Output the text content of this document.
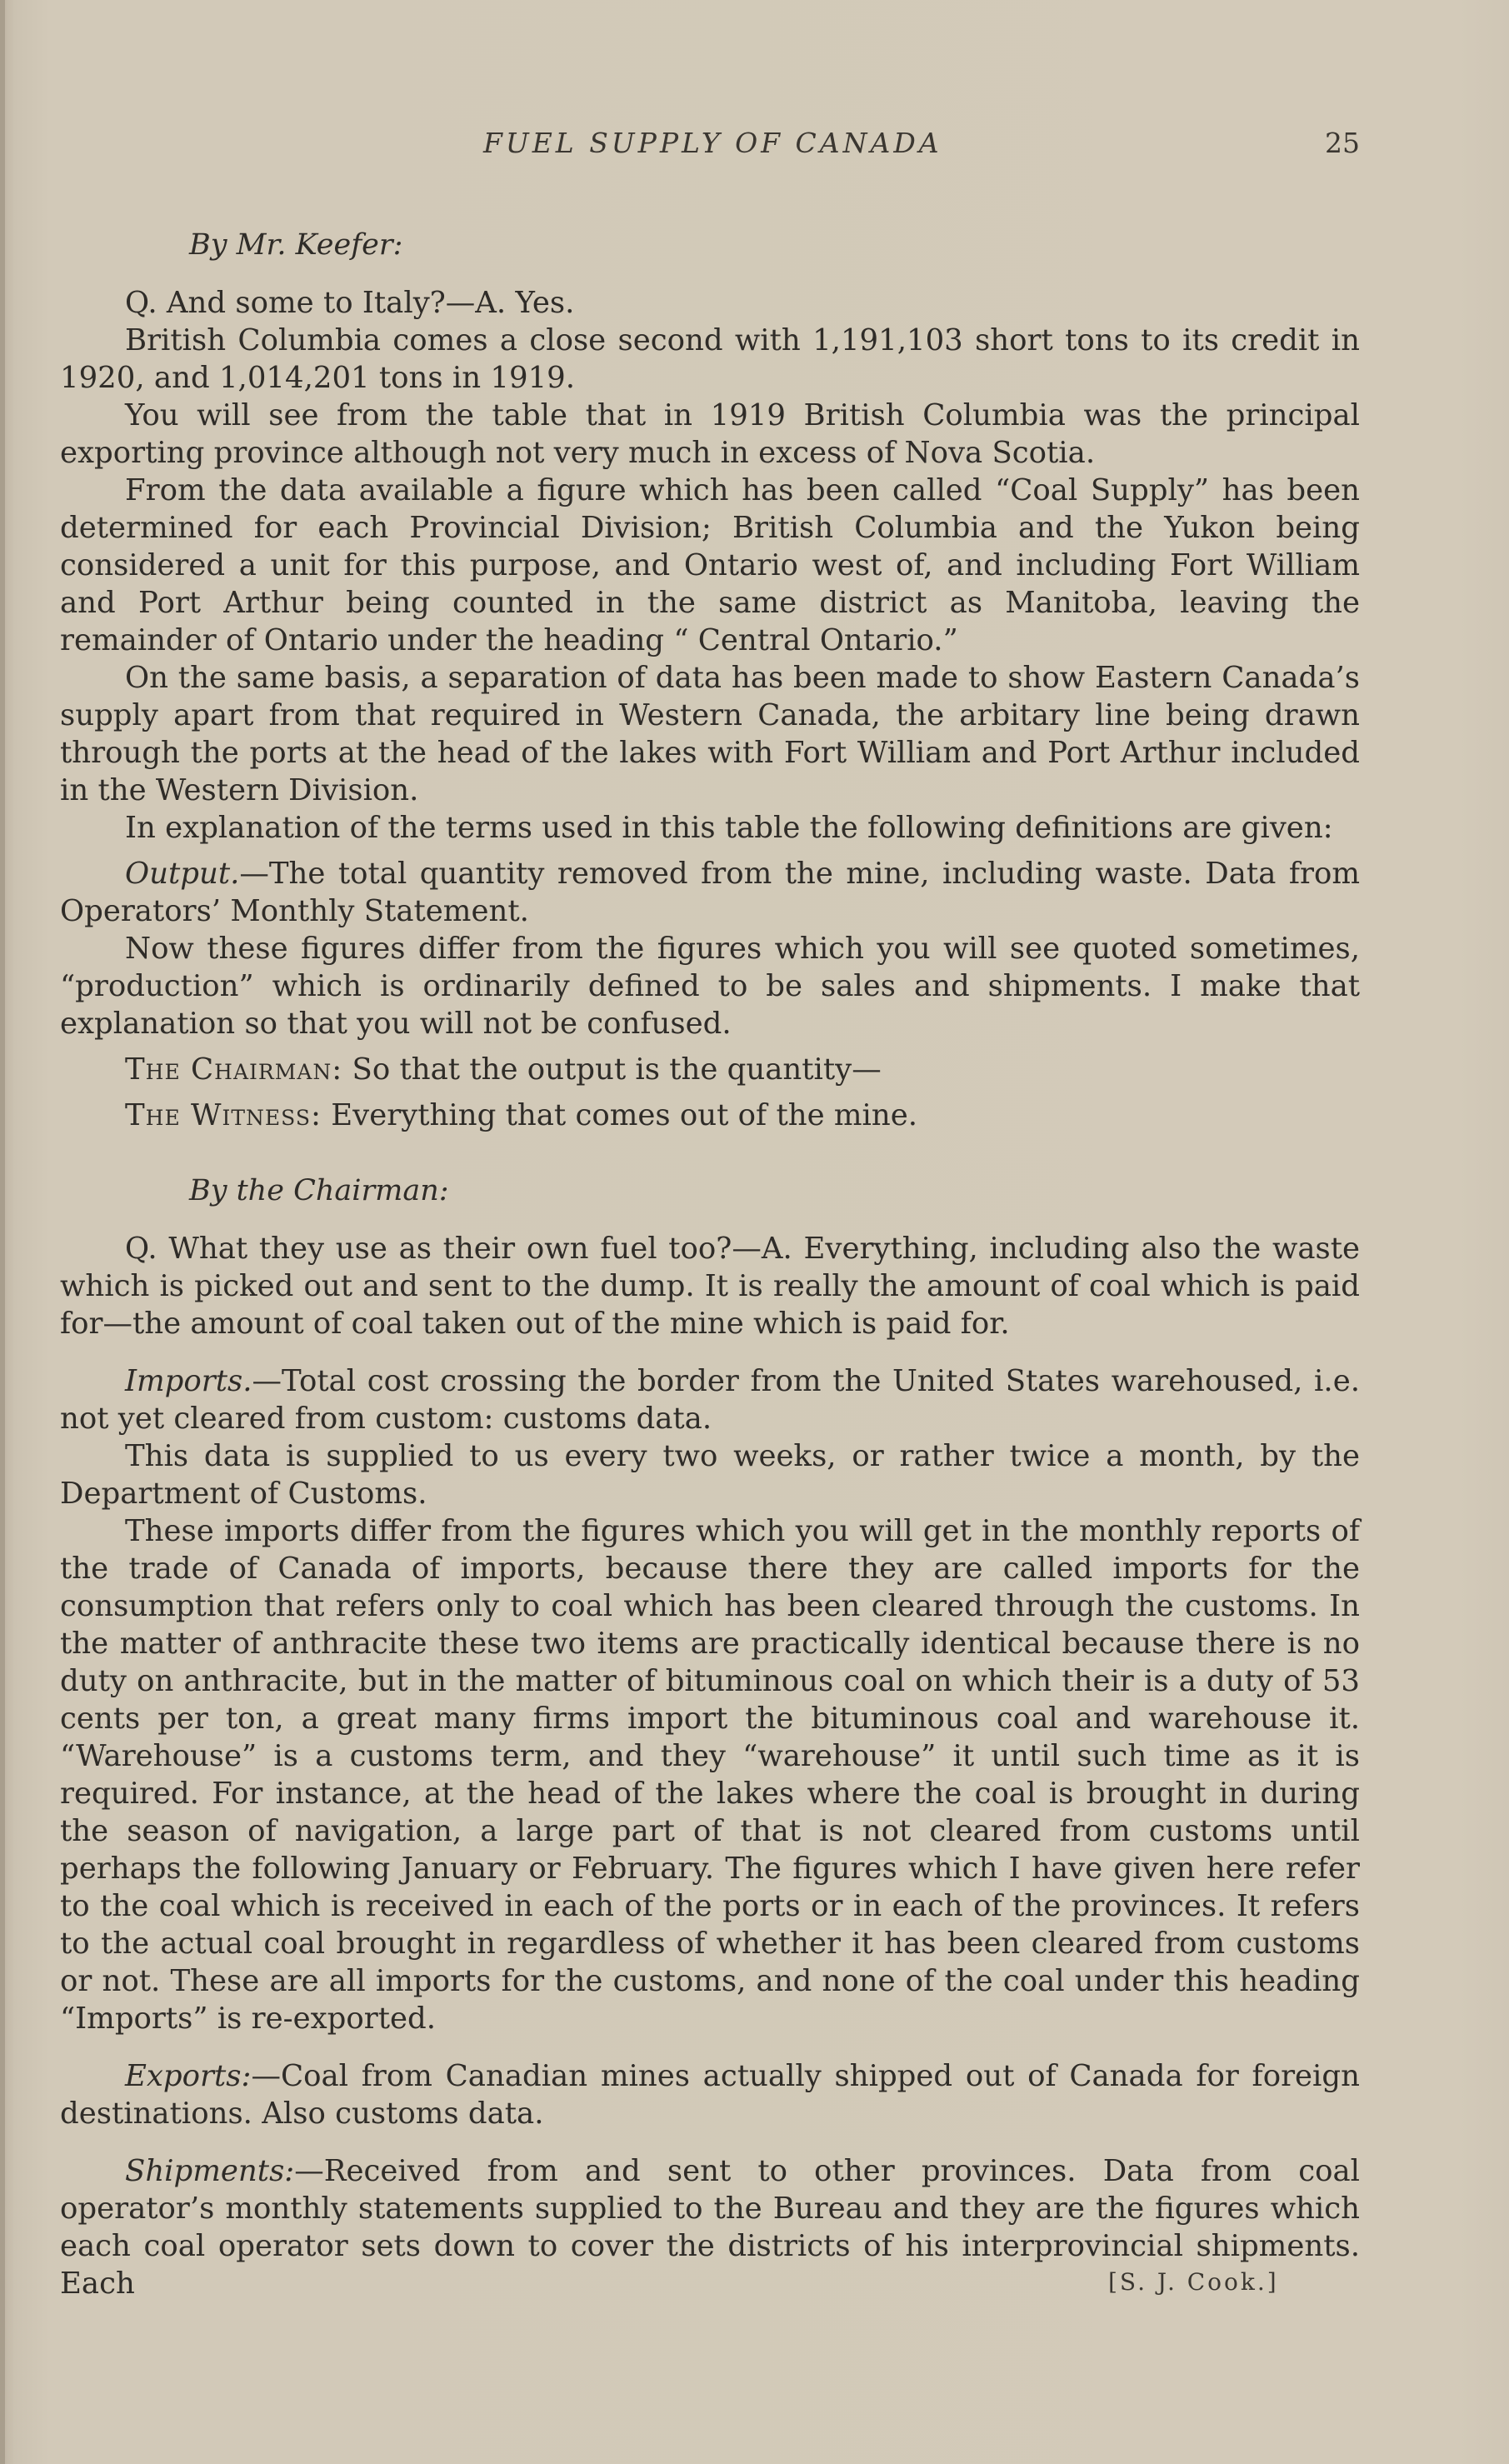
FUEL SUPPLY OF CANADA	25
By Mr. Keefer:

Q. And some to Italy?—A. Yes.

British Columbia comes a close second with 1,191,103 short tons to its credit in 1920, and 1,014,201 tons in 1919.

You will see from the table that in 1919 British Columbia was the principal exporting province although not very much in excess of Nova Scotia.

From the data available a figure which has been called “Coal Supply” has been determined for each Provincial Division; British Columbia and the Yukon being considered a unit for this purpose, and Ontario west of, and including Fort William and Port Arthur being counted in the same district as Manitoba, leaving the remainder of Ontario under the heading “ Central Ontario.”

On the same basis, a separation of data has been made to show Eastern Canada’s supply apart from that required in Western Canada, the arbitary line being drawn through the ports at the head of the lakes with Fort William and Port Arthur included in the Western Division.

In explanation of the terms used in this table the following definitions are given:

Output.—The total quantity removed from the mine, including waste. Data from Operators’ Monthly Statement.

Now these figures differ from the figures which you will see quoted sometimes, “production” which is ordinarily defined to be sales and shipments. I make that explanation so that you will not be confused.

The Chairman: So that the output is the quantity—

The Witness: Everything that comes out of the mine.

By the Chairman:

Q. What they use as their own fuel too?—A. Everything, including also the waste which is picked out and sent to the dump. It is really the amount of coal which is paid for—the amount of coal taken out of the mine which is paid for.

Imports.—Total cost crossing the border from the United States warehoused, i.e. not yet cleared from custom: customs data.

This data is supplied to us every two weeks, or rather twice a month, by the Department of Customs.

These imports differ from the figures which you will get in the monthly reports of the trade of Canada of imports, because there they are called imports for the consumption that refers only to coal which has been cleared through the customs. In the matter of anthracite these two items are practically identical because there is no duty on anthracite, but in the matter of bituminous coal on which their is a duty of 53 cents per ton, a great many firms import the bituminous coal and warehouse it. “Warehouse” is a customs term, and they “warehouse” it until such time as it is required. For instance, at the head of the lakes where the coal is brought in during the season of navigation, a large part of that is not cleared from customs until perhaps the following January or February. The figures which I have given here refer to the coal which is received in each of the ports or in each of the provinces. It refers to the actual coal brought in regardless of whether it has been cleared from customs or not. These are all imports for the customs, and none of the coal under this heading “Imports” is re-exported.

Exports:—Coal from Canadian mines actually shipped out of Canada for foreign destinations. Also customs data.

Shipments:—Received from and sent to other provinces. Data from coal operator’s monthly statements supplied to the Bureau and they are the figures which each coal operator sets down to cover the districts of his interprovincial shipments. Each	[S. J. Cook.]
